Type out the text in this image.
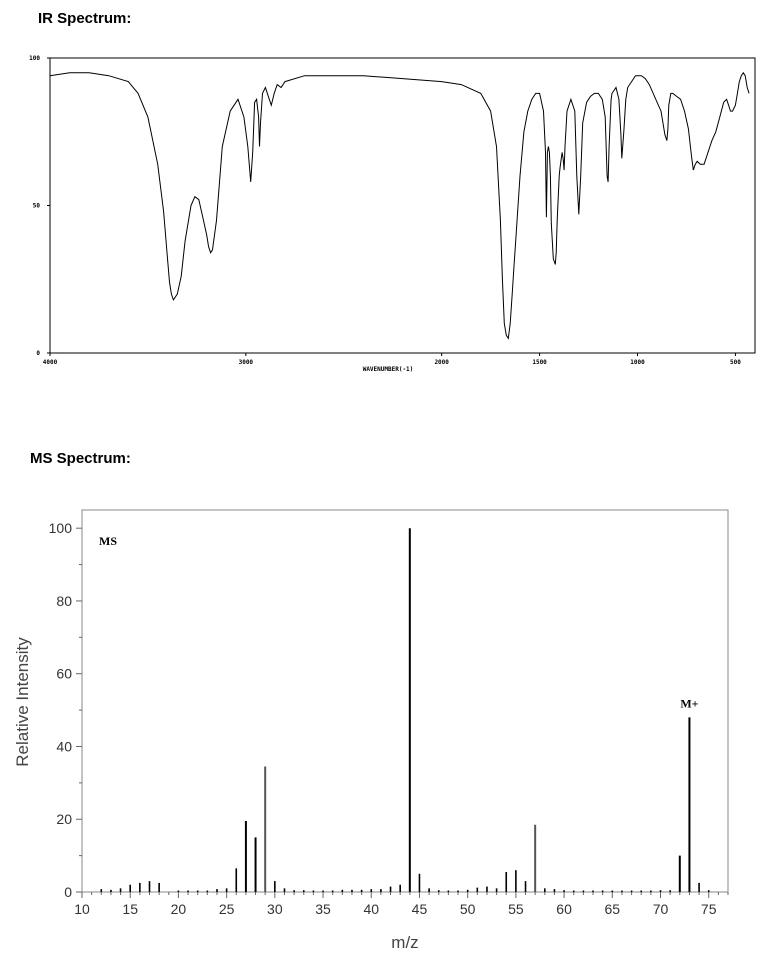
IR Spectrum:
MS Spectrum:
4000	3000	2000	1500	1000	500
0
50
100
WAVENUMBER(-1)
10 15 20 25 30 35 40 45 50 55 60 65 70 75
0
20
40
60
80
100
MS
M+
m/z
Relative Intensity
